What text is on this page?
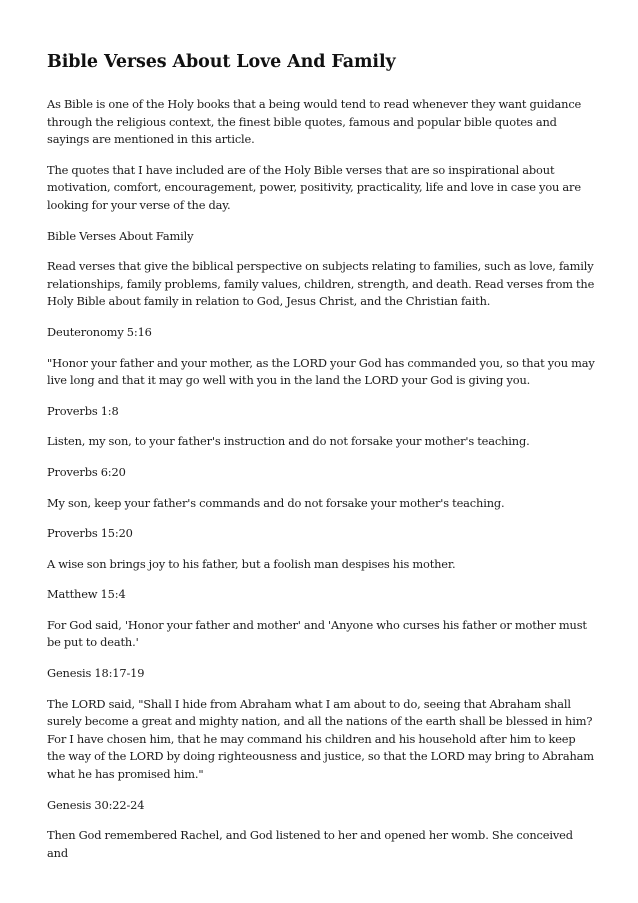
Bible Verses About Love And Family

As Bible is one of the Holy books that a being would tend to read whenever they want guidance through the religious context, the finest bible quotes, famous and popular bible quotes and sayings are mentioned in this article.

The quotes that I have included are of the Holy Bible verses that are so inspirational about motivation, comfort, encouragement, power, positivity, practicality, life and love in case you are looking for your verse of the day.

Bible Verses About Family

Read verses that give the biblical perspective on subjects relating to families, such as love, family relationships, family problems, family values, children, strength, and death. Read verses from the Holy Bible about family in relation to God, Jesus Christ, and the Christian faith.

Deuteronomy 5:16

"Honor your father and your mother, as the LORD your God has commanded you, so that you may live long and that it may go well with you in the land the LORD your God is giving you.

Proverbs 1:8

Listen, my son, to your father's instruction and do not forsake your mother's teaching.

Proverbs 6:20

My son, keep your father's commands and do not forsake your mother's teaching.

Proverbs 15:20

A wise son brings joy to his father, but a foolish man despises his mother.

Matthew 15:4

For God said, 'Honor your father and mother' and 'Anyone who curses his father or mother must be put to death.'

Genesis 18:17-19

The LORD said, "Shall I hide from Abraham what I am about to do, seeing that Abraham shall surely become a great and mighty nation, and all the nations of the earth shall be blessed in him? For I have chosen him, that he may command his children and his household after him to keep the way of the LORD by doing righteousness and justice, so that the LORD may bring to Abraham what he has promised him."

Genesis 30:22-24

Then God remembered Rachel, and God listened to her and opened her womb. She conceived and
